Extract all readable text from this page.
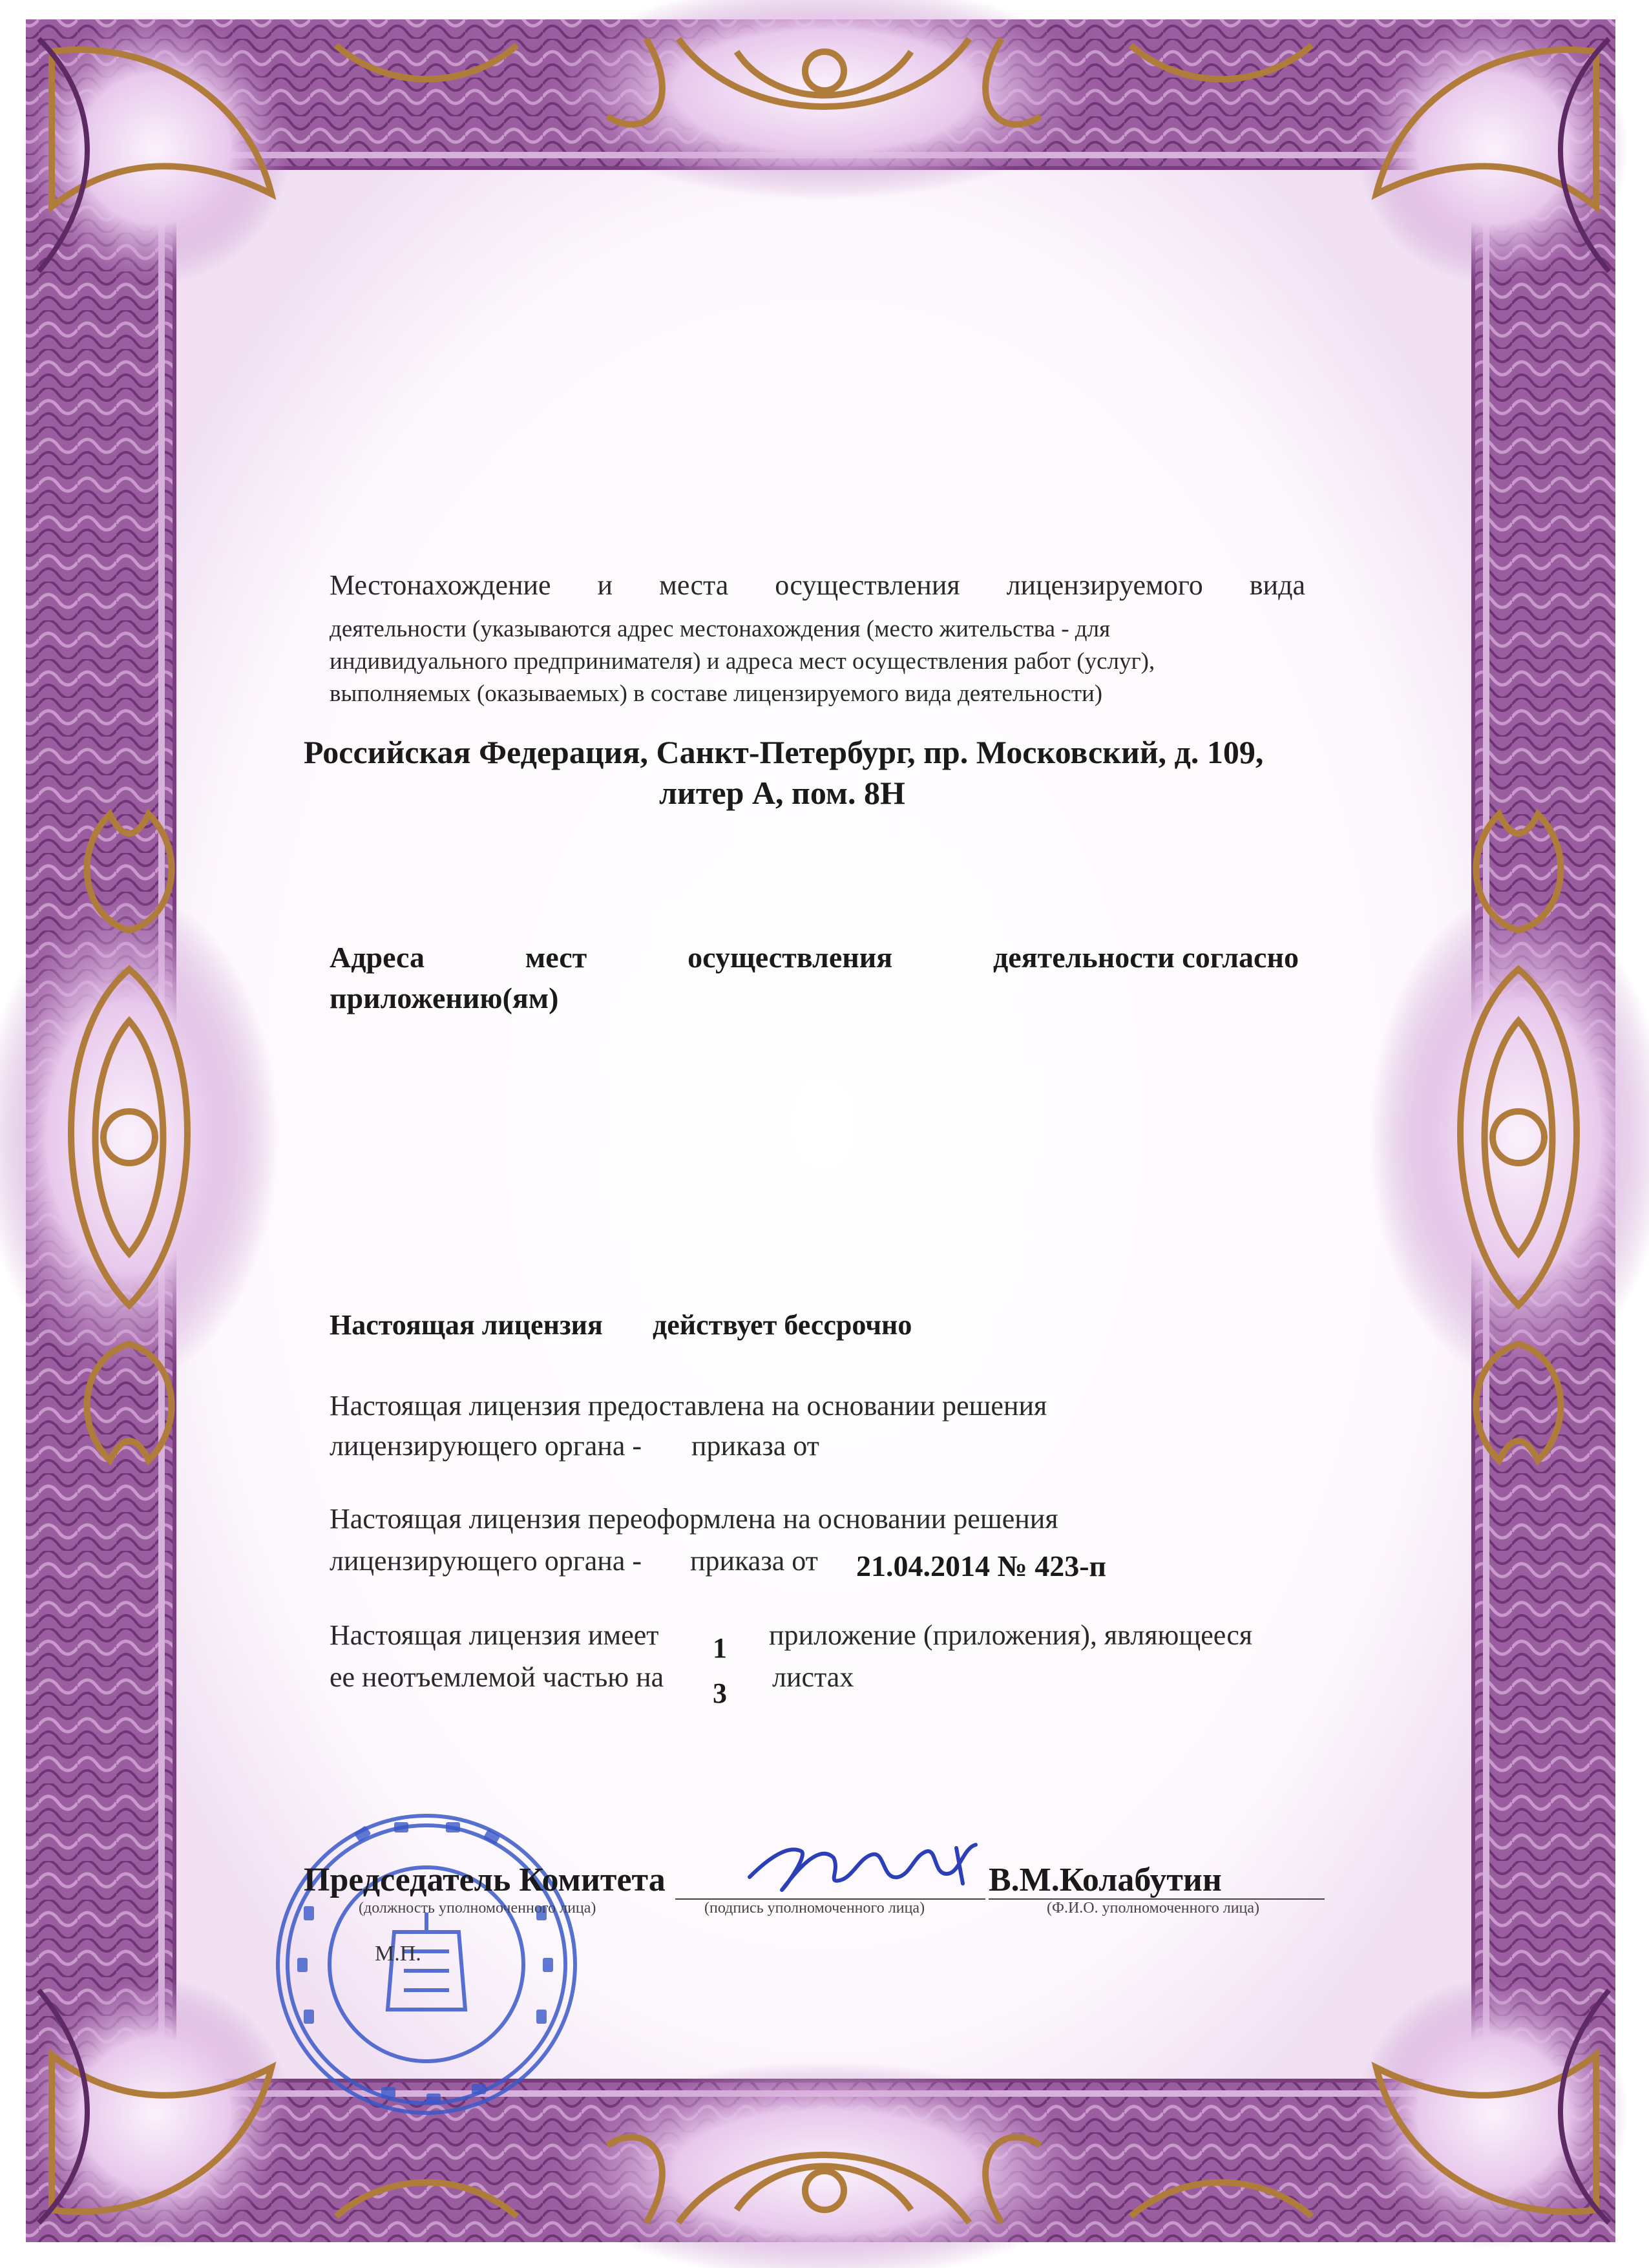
Местонахождение и места осуществления лицензируемого вида
деятельности (указываются адрес местонахождения (место жительства - для
индивидуального предпринимателя) и адреса мест осуществления работ (услуг),
выполняемых (оказываемых) в составе лицензируемого вида деятельности)
Российская Федерация, Санкт-Петербург, пр. Московский, д. 109,
литер А, пом. 8Н
Адреса	мест	осуществления	деятельности согласно
приложению(ям)
Настоящая лицензия действует бессрочно
Настоящая лицензия предоставлена на основании решения
лицензирующего органа - приказа от
Настоящая лицензия переоформлена на основании решения
лицензирующего органа - приказа от 21.04.2014 № 423-п
Настоящая лицензия имеет 1 приложение (приложения), являющееся
ее неотъемлемой частью на
3
листах
Председатель Комитета	В.М.Колабутин
(должность уполномоченного лица)	(подпись уполномоченного лица)	(Ф.И.О. уполномоченного лица)
М.П.
